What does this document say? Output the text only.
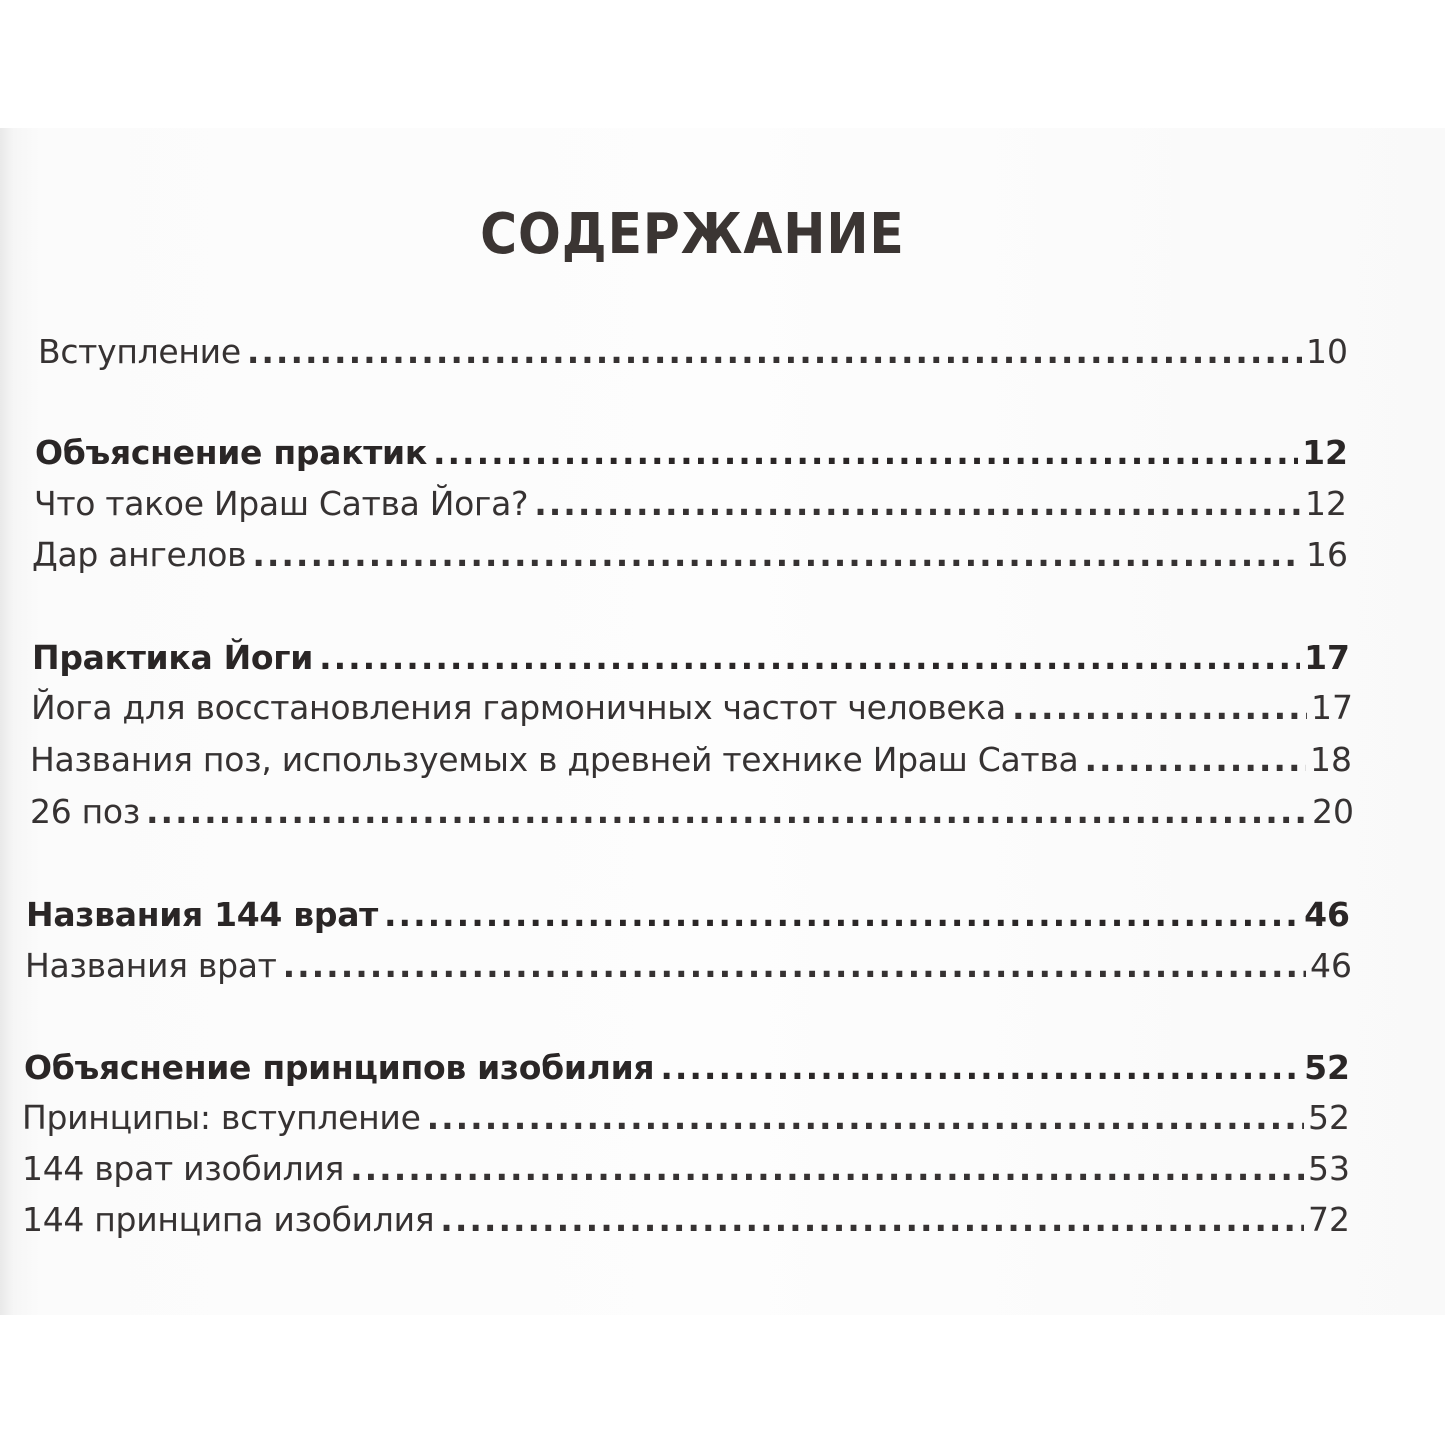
СОДЕРЖАНИЕ
Вступление .....	10
Объяснение практик .....	12
Что такое Ираш Сатва Йога? .....	12
Дар ангелов .....	16
Практика Йоги .....	17
Йога для восстановления гармоничных частот человека .....	17
Названия поз, используемых в древней технике Ираш Сатва .....	18
26 поз .....	20
Названия 144 врат .....	46
Названия врат .....	46
Объяснение принципов изобилия .....	52
Принципы: вступление .....	52
144 врат изобилия .....	53
144 принципа изобилия .....	72
